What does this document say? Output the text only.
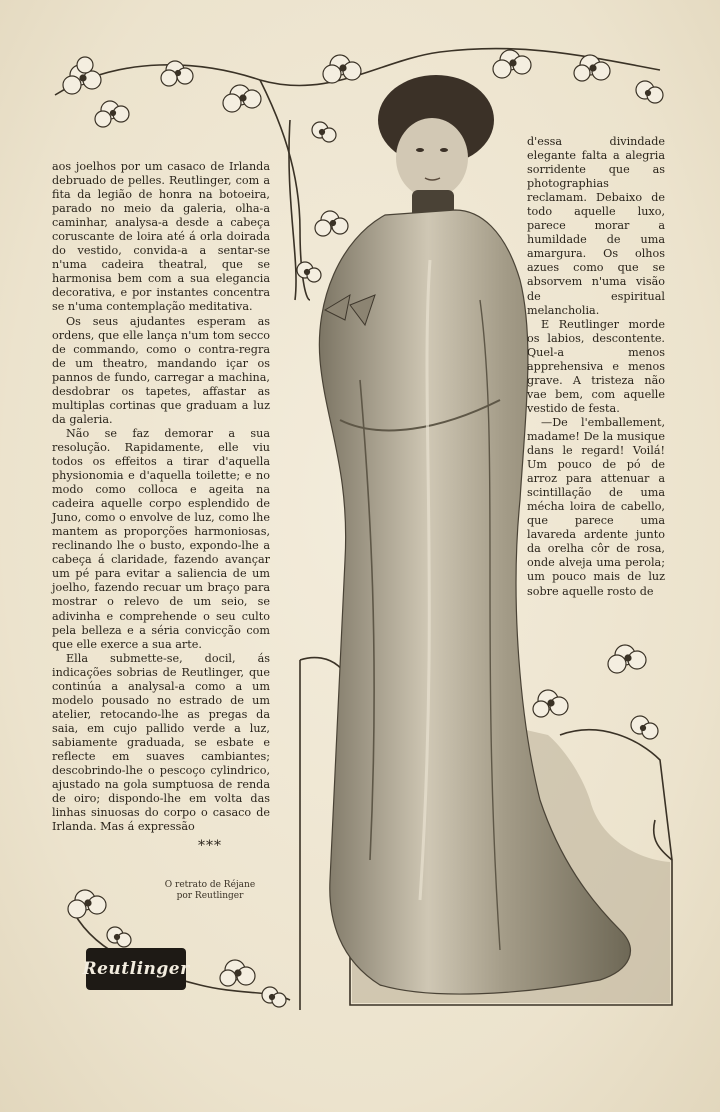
aos joelhos por um casaco de Irlanda debruado de pelles. Reutlinger, com a fita da legião de honra na botoeira, parado no meio da galeria, olha-a caminhar, analysa-a desde a cabeça coruscante de loira até á orla doirada do vestido, convida-a a sentar-se n'uma cadeira theatral, que se harmonisa bem com a sua elegancia decorativa, e por instantes concentra se n'uma contemplação meditativa.

Os seus ajudantes esperam as ordens, que elle lança n'um tom secco de commando, como o contra-regra de um theatro, mandando içar os pannos de fundo, carregar a machina, desdobrar os tapetes, affastar as multiplas cortinas que graduam a luz da galeria.

Não se faz demorar a sua resolução. Rapidamente, elle viu todos os effeitos a tirar d'aquella physionomia e d'aquella toilette; e no modo como colloca e ageita na cadeira aquelle corpo esplendido de Juno, como o envolve de luz, como lhe mantem as proporções harmoniosas, reclinando lhe o busto, expondo-lhe a cabeça á claridade, fazendo avançar um pé para evitar a saliencia de um joelho, fazendo recuar um braço para mostrar o relevo de um seio, se adivinha e comprehende o seu culto pela belleza e a séria convicção com que elle exerce a sua arte.

Ella submette-se, docil, ás indicações sobrias de Reutlinger, que continúa a analysal-a como a um modelo pousado no estrado de um atelier, retocando-lhe as pregas da saia, em cujo pallido verde a luz, sabiamente graduada, se esbate e reflecte em suaves cambiantes; descobrindo-lhe o pescoço cylindrico, ajustado na gola sumptuosa de renda de oiro; dispondo-lhe em volta das linhas sinuosas do corpo o casaco de Irlanda. Mas á expressão

d'essa divindade elegante falta a alegria sorridente que as photographias reclamam. Debaixo de todo aquelle luxo, parece morar a humildade de uma amargura. Os olhos azues como que se absorvem n'uma visão de espiritual melancholia.

E Reutlinger morde os labios, descontente. Quel-a menos apprehensiva e menos grave. A tristeza não vae bem, com aquelle vestido de festa.

—De l'emballement, madame! De la musique dans le regard! Voilá! Um pouco de pó de arroz para attenuar a scintillação de uma mécha loira de cabello, que parece uma lavareda ardente junto da orelha côr de rosa, onde alveja uma perola; um pouco mais de luz sobre aquelle rosto de

***
O retrato de Réjane
por Reutlinger
Reutlinger
